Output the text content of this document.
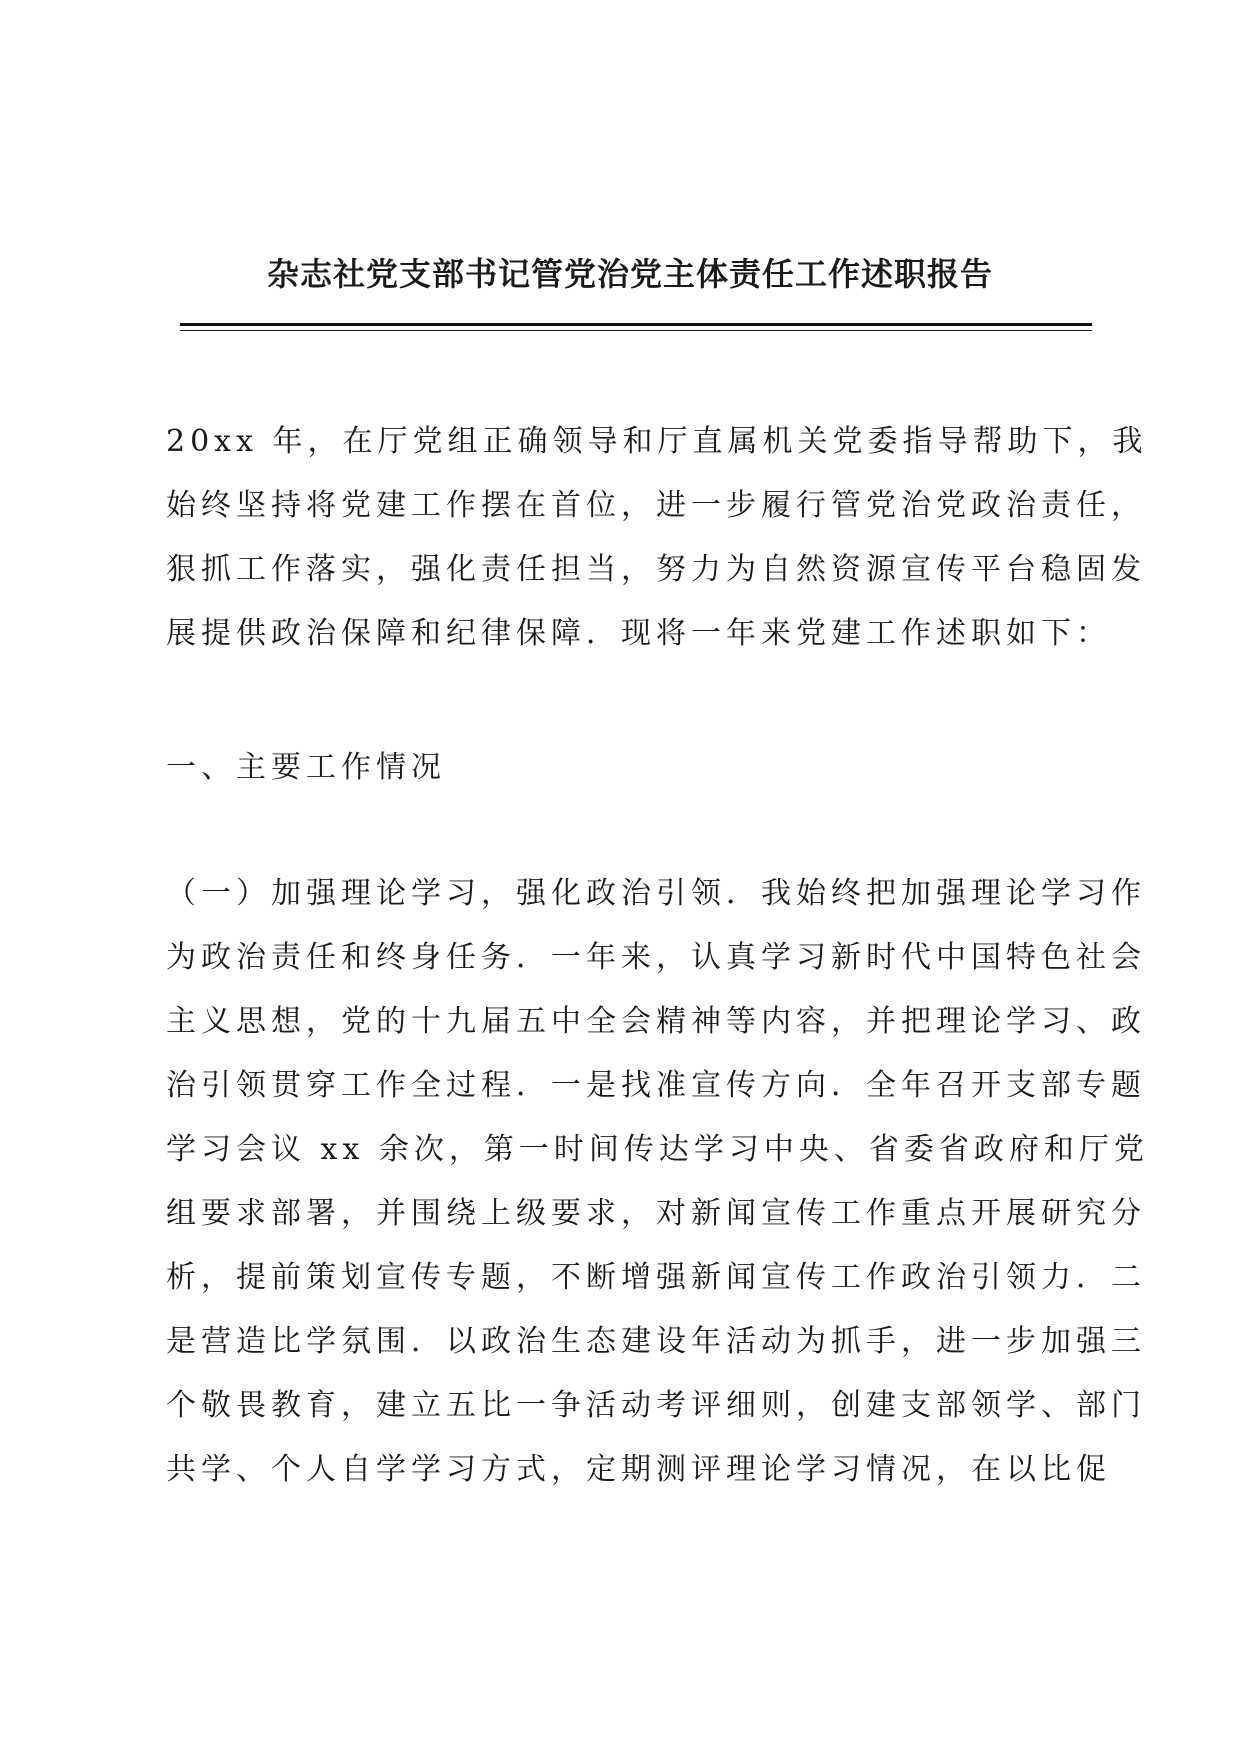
杂志社党支部书记管党治党主体责任工作述职报告
20xx 年，在厅党组正确领导和厅直属机关党委指导帮助下，我
始终坚持将党建工作摆在首位，进一步履行管党治党政治责任，
狠抓工作落实，强化责任担当，努力为自然资源宣传平台稳固发
展提供政治保障和纪律保障．现将一年来党建工作述职如下：
一、主要工作情况
（一）加强理论学习，强化政治引领．我始终把加强理论学习作
为政治责任和终身任务．一年来，认真学习新时代中国特色社会
主义思想，党的十九届五中全会精神等内容，并把理论学习、政
治引领贯穿工作全过程．一是找准宣传方向．全年召开支部专题
学习会议 xx 余次，第一时间传达学习中央、省委省政府和厅党
组要求部署，并围绕上级要求，对新闻宣传工作重点开展研究分
析，提前策划宣传专题，不断增强新闻宣传工作政治引领力．二
是营造比学氛围．以政治生态建设年活动为抓手，进一步加强三
个敬畏教育，建立五比一争活动考评细则，创建支部领学、部门
共学、个人自学学习方式，定期测评理论学习情况，在以比促
